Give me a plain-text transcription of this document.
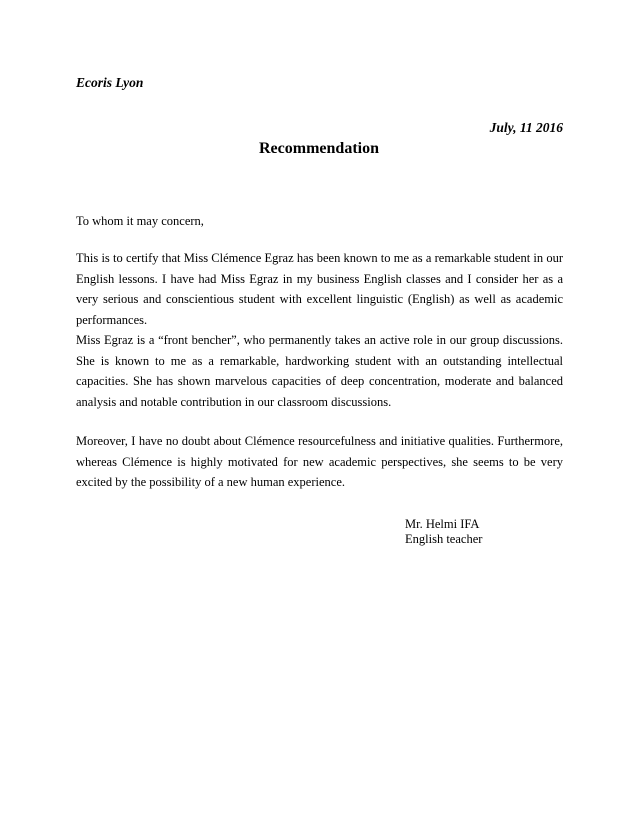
Ecoris Lyon

July, 11 2016

Recommendation

To whom it may concern,

This is to certify that Miss Clémence Egraz has been known to me as a remarkable student in our English lessons. I have had Miss Egraz in my business English classes and I consider her as a very serious and conscientious student with excellent linguistic (English) as well as academic performances.

Miss Egraz is a “front bencher”, who permanently takes an active role in our group discussions. She is known to me as a remarkable, hardworking student with an outstanding intellectual capacities. She has shown marvelous capacities of deep concentration, moderate and balanced analysis and notable contribution in our classroom discussions.

Moreover, I have no doubt about Clémence resourcefulness and initiative qualities. Furthermore, whereas Clémence is highly motivated for new academic perspectives, she seems to be very excited by the possibility of a new human experience.

Mr. Helmi IFA
English teacher
